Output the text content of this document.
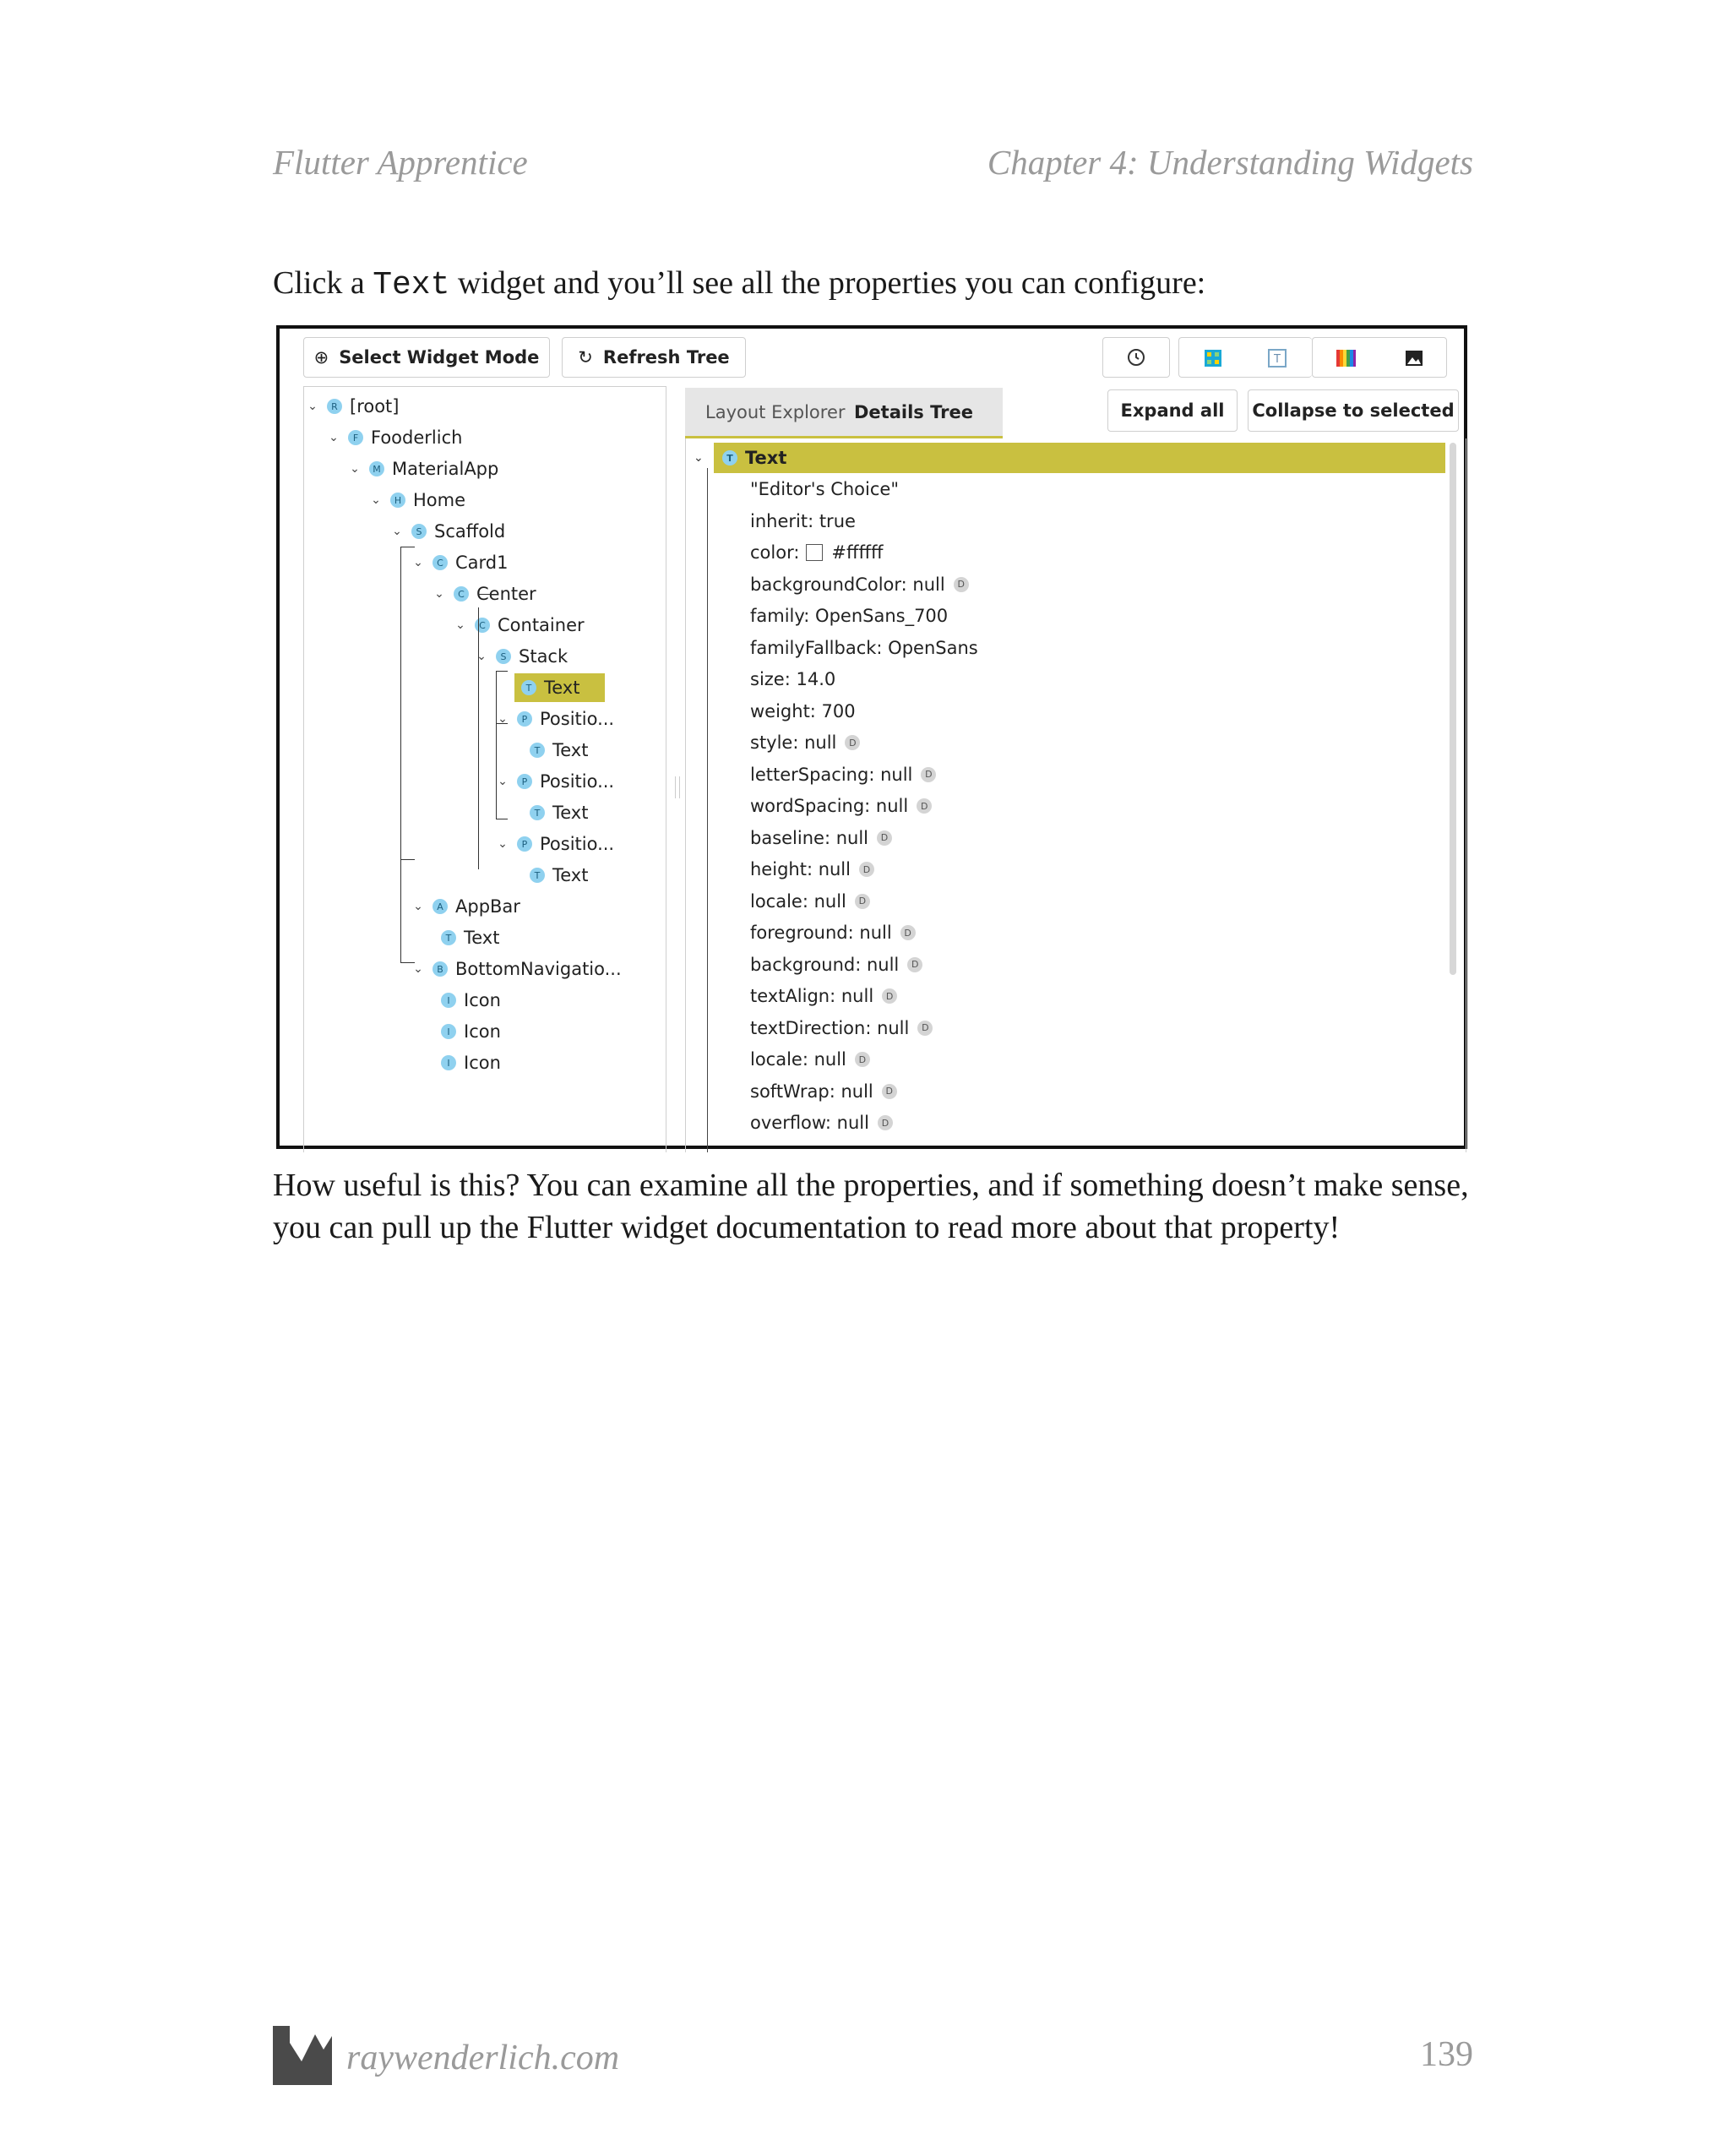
Flutter Apprentice	Chapter 4: Understanding Widgets

Click a Text widget and you’ll see all the properties you can configure:

⊕ Select Widget Mode ↻ Refresh Tree	T
⌄	R [root]
⌄	F Fooderlich
⌄	M MaterialApp
⌄	H Home
⌄	S Scaffold
⌄	C Card1
⌄	C Center
⌄	C Container
⌄	S Stack
T Text
⌄	P Positio...
T Text
⌄	P Positio...
T Text
⌄	P Positio...
T Text
⌄	A AppBar
T Text
⌄	B BottomNavigatio...
I Icon
I Icon
I Icon
Layout Explorer Details Tree	Expand all Collapse to selected
⌄	T Text
"Editor's Choice"
inherit: true
color: #ffffff
backgroundColor: null	D
family: OpenSans_700
familyFallback: OpenSans
size: 14.0
weight: 700
style: null	D
letterSpacing: null	D
wordSpacing: null	D
baseline: null	D
height: null	D
locale: null	D
foreground: null	D
background: null	D
textAlign: null	D
textDirection: null	D
locale: null	D
softWrap: null	D
overflow: null	D

How useful is this? You can examine all the properties, and if something doesn’t make sense, you can pull up the Flutter widget documentation to read more about that property!

raywenderlich.com	139
